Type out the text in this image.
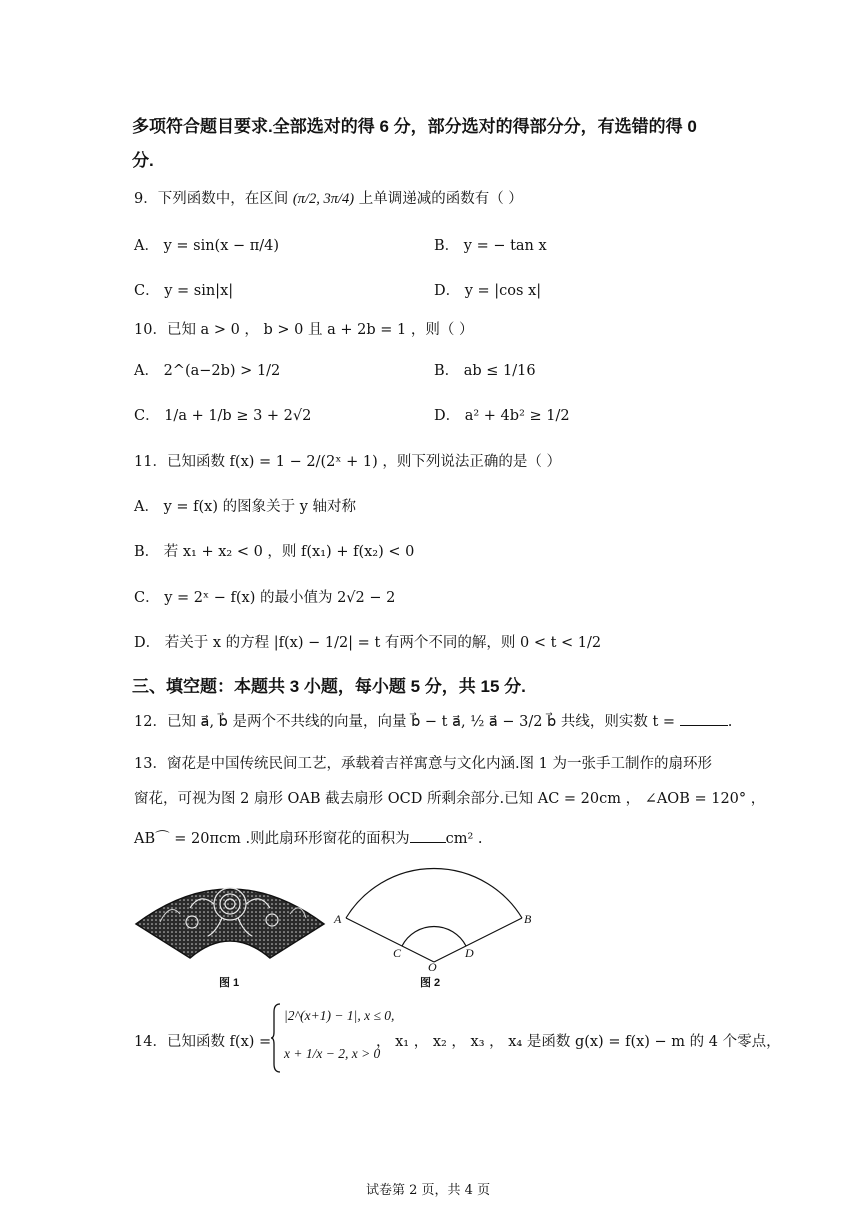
多项符合题目要求.全部选对的得 6 分，部分选对的得部分分，有选错的得 0
分.
9．下列函数中，在区间 (π/2, 3π/4) 上单调递减的函数有（ ）
A． y = sin(x − π/4)	B． y = − tan x
C． y = sin|x|	D． y = |cos x|
10．已知 a > 0 ， b > 0 且 a + 2b = 1 ，则（ ）
A． 2^(a−2b) > 1/2	B． ab ≤ 1/16
C． 1/a + 1/b ≥ 3 + 2√2	D． a² + 4b² ≥ 1/2
11．已知函数 f(x) = 1 − 2/(2ˣ + 1) ，则下列说法正确的是（ ）
A． y = f(x) 的图象关于 y 轴对称
B． 若 x₁ + x₂ < 0 ，则 f(x₁) + f(x₂) < 0
C． y = 2ˣ − f(x) 的最小值为 2√2 − 2
D． 若关于 x 的方程 |f(x) − 1/2| = t 有两个不同的解，则 0 < t < 1/2
三、填空题：本题共 3 小题，每小题 5 分，共 15 分.
12．已知 a⃗, b⃗ 是两个不共线的向量，向量 b⃗ − t a⃗, ½ a⃗ − 3/2 b⃗ 共线，则实数 t =	.
13．窗花是中国传统民间工艺，承载着吉祥寓意与文化内涵.图 1 为一张手工制作的扇环形
窗花，可视为图 2 扇形 OAB 截去扇形 OCD 所剩余部分.已知 AC = 20cm ， ∠AOB = 120° ，
AB⌒ = 20πcm .则此扇环形窗花的面积为 cm² .
图 1
A	B
C	D
O
图 2
14．已知函数 f(x) =
|2^(x+1) − 1|, x ≤ 0,
x + 1/x − 2, x > 0
， x₁ ， x₂ ， x₃ ， x₄ 是函数 g(x) = f(x) − m 的 4 个零点，
试卷第 2 页，共 4 页
